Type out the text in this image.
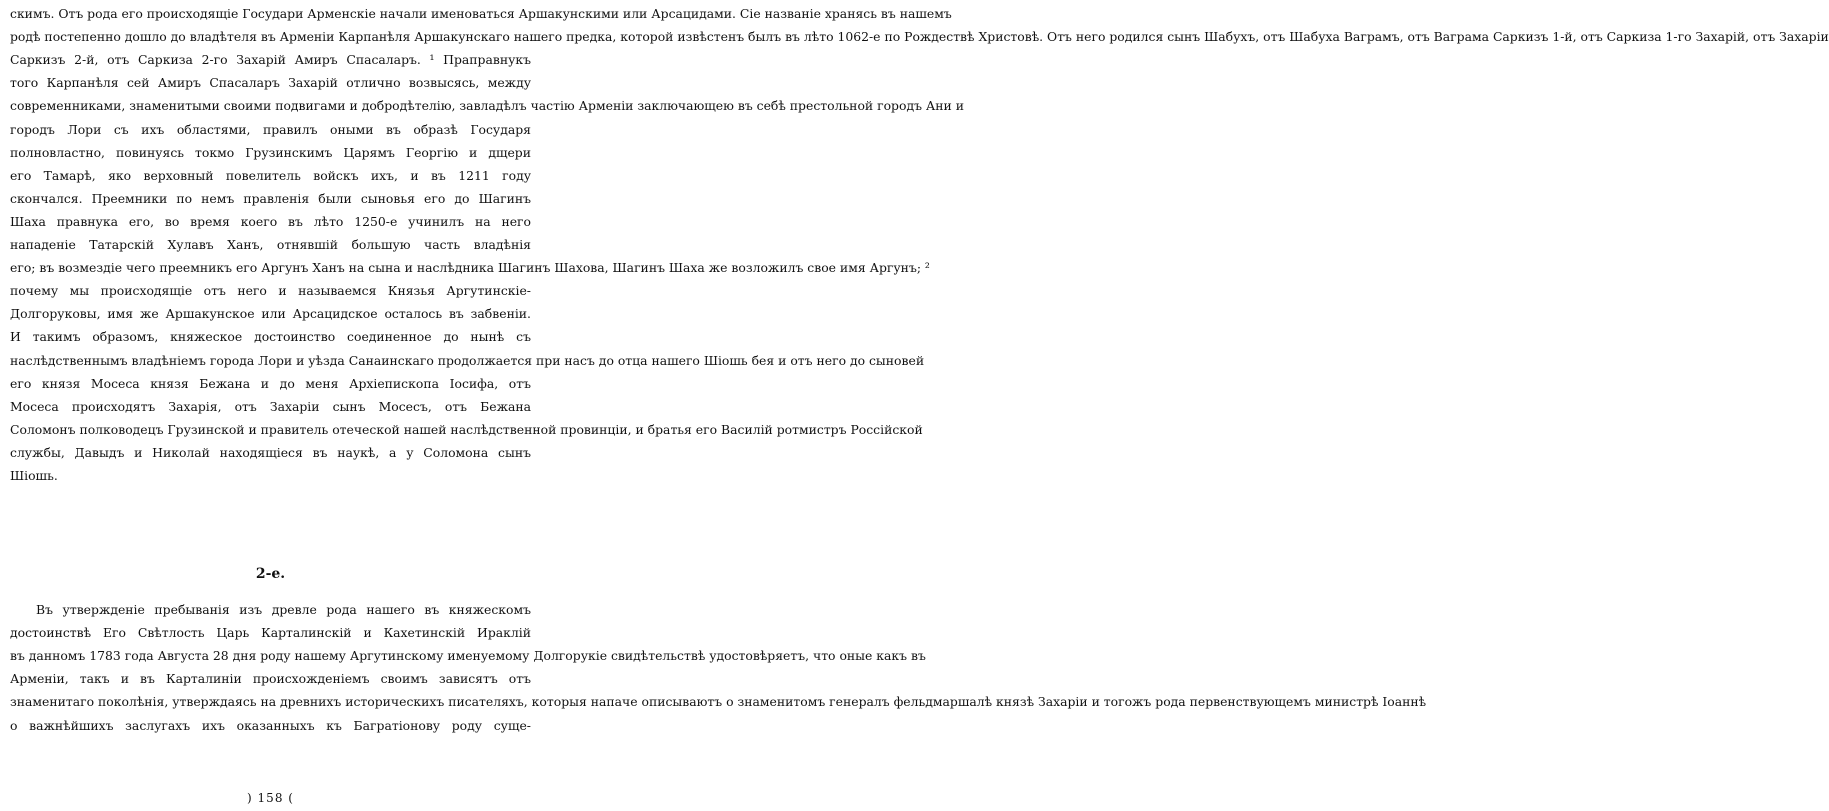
скимъ. Отъ рода его происходящіе Государи Арменскіе начали именоваться Аршакунскими или Арсацидами. Сіе названіе хранясь въ нашемъ

родѣ постепенно дошло до владѣтеля въ Арменіи Карпанѣля Аршакунскаго нашего предка, которой извѣстенъ былъ въ лѣто 1062-е по Рождествѣ Христовѣ. Отъ него родился сынъ Шабухъ, отъ Шабуха Ваграмъ, отъ Ваграма Саркизъ 1-й, отъ Саркиза 1-го Захарій, отъ Захаріи

Саркизъ 2-й, отъ Саркиза 2-го Захарій Амиръ Спасаларъ. ¹ Праправнукъ

того Карпанѣля сей Амиръ Спасаларъ Захарій отлично возвысясь, между

современниками, знаменитыми своими подвигами и добродѣтелію, завладѣлъ частію Арменіи заключающею въ себѣ престольной городъ Ани и

городъ Лори съ ихъ областями, правилъ оными въ образѣ Государя

полновластно, повинуясь токмо Грузинскимъ Царямъ Георгію и дщери

его Тамарѣ, яко верховный повелитель войскъ ихъ, и въ 1211 году

скончался. Преемники по немъ правленія были сыновья его до Шагинъ

Шаха правнука его, во время коего въ лѣто 1250-е учинилъ на него

нападеніе Татарскій Хулавъ Ханъ, отнявшій большую часть владѣнія

его; въ возмездіе чего преемникъ его Аргунъ Ханъ на сына и наслѣдника Шагинъ Шахова, Шагинъ Шаха же возложилъ свое имя Аргунъ; ²

почему мы происходящіе отъ него и называемся Князья Аргутинскіе-

Долгоруковы, имя же Аршакунское или Арсацидское осталось въ забвеніи.

И такимъ образомъ, княжеское достоинство соединенное до нынѣ съ

наслѣдственнымъ владѣніемъ города Лори и уѣзда Санаинскаго продолжается при насъ до отца нашего Шіошь бея и отъ него до сыновей

его князя Мосеса князя Бежана и до меня Архіепископа Іосифа, отъ

Мосеса происходятъ Захарія, отъ Захаріи сынъ Мосесъ, отъ Бежана

Соломонъ полководецъ Грузинской и правитель отеческой нашей наслѣдственной провинціи, и братья его Василій ротмистръ Россійской

службы, Давыдъ и Николай находящіеся въ наукѣ, а у Соломона сынъ

Шіошь.

2-е.

Въ утвержденіе пребыванія изъ древле рода нашего въ княжескомъ

достоинствѣ Его Свѣтлость Царь Карталинскій и Кахетинскій Ираклій

въ данномъ 1783 года Августа 28 дня роду нашему Аргутинскому именуемому Долгорукіе свидѣтельствѣ удостовѣряетъ, что оные какъ въ

Арменіи, такъ и въ Карталиніи происхожденіемъ своимъ зависятъ отъ

знаменитаго поколѣнія, утверждаясь на древнихъ историческихъ писателяхъ, которыя напаче описываютъ о знаменитомъ генералъ фельдмаршалѣ князѣ Захаріи и тогожъ рода первенствующемъ министрѣ Іоаннѣ

о важнѣйшихъ заслугахъ ихъ оказанныхъ къ Багратіонову роду суще-

) 158 (
